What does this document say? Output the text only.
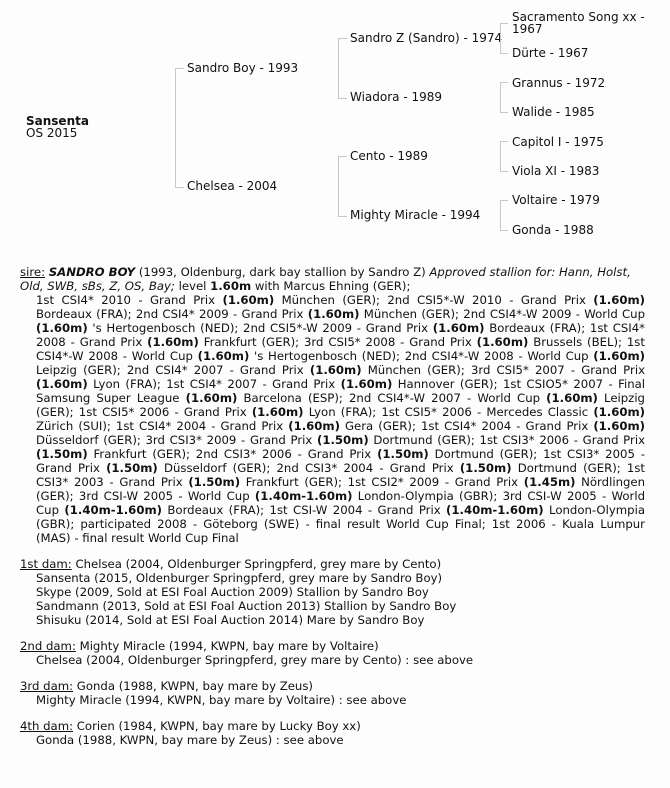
Sansenta
OS 2015
Sandro Boy - 1993
Chelsea - 2004
Sandro Z (Sandro) - 1974
Wiadora - 1989
Cento - 1989
Mighty Miracle - 1994
Sacramento Song xx -
1967
Dürte - 1967
Grannus - 1972
Walide - 1985
Capitol I - 1975
Viola XI - 1983
Voltaire - 1979
Gonda - 1988

sire: SANDRO BOY (1993, Oldenburg, dark bay stallion by Sandro Z) Approved stallion for: Hann, Holst, Old, SWB, sBs, Z, OS, Bay; level 1.60m with Marcus Ehning (GER);

1st CSI4* 2010 - Grand Prix (1.60m) München (GER); 2nd CSI5*-W 2010 - Grand Prix (1.60m) Bordeaux (FRA); 2nd CSI4* 2009 - Grand Prix (1.60m) München (GER); 2nd CSI4*-W 2009 - World Cup (1.60m) 's Hertogenbosch (NED); 2nd CSI5*-W 2009 - Grand Prix (1.60m) Bordeaux (FRA); 1st CSI4* 2008 - Grand Prix (1.60m) Frankfurt (GER); 3rd CSI5* 2008 - Grand Prix (1.60m) Brussels (BEL); 1st CSI4*-W 2008 - World Cup (1.60m) 's Hertogenbosch (NED); 2nd CSI4*-W 2008 - World Cup (1.60m) Leipzig (GER); 2nd CSI4* 2007 - Grand Prix (1.60m) München (GER); 3rd CSI5* 2007 - Grand Prix (1.60m) Lyon (FRA); 1st CSI4* 2007 - Grand Prix (1.60m) Hannover (GER); 1st CSIO5* 2007 - Final Samsung Super League (1.60m) Barcelona (ESP); 2nd CSI4*-W 2007 - World Cup (1.60m) Leipzig (GER); 1st CSI5* 2006 - Grand Prix (1.60m) Lyon (FRA); 1st CSI5* 2006 - Mercedes Classic (1.60m) Zürich (SUI); 1st CSI4* 2004 - Grand Prix (1.60m) Gera (GER); 1st CSI4* 2004 - Grand Prix (1.60m) Düsseldorf (GER); 3rd CSI3* 2009 - Grand Prix (1.50m) Dortmund (GER); 1st CSI3* 2006 - Grand Prix (1.50m) Frankfurt (GER); 2nd CSI3* 2006 - Grand Prix (1.50m) Dortmund (GER); 1st CSI3* 2005 - Grand Prix (1.50m) Düsseldorf (GER); 2nd CSI3* 2004 - Grand Prix (1.50m) Dortmund (GER); 1st CSI3* 2003 - Grand Prix (1.50m) Frankfurt (GER); 1st CSI2* 2009 - Grand Prix (1.45m) Nördlingen (GER); 3rd CSI-W 2005 - World Cup (1.40m-1.60m) London-Olympia (GBR); 3rd CSI-W 2005 - World Cup (1.40m-1.60m) Bordeaux (FRA); 1st CSI-W 2004 - Grand Prix (1.40m-1.60m) London-Olympia (GBR); participated 2008 - Göteborg (SWE) - final result World Cup Final; 1st 2006 - Kuala Lumpur (MAS) - final result World Cup Final

1st dam: Chelsea (2004, Oldenburger Springpferd, grey mare by Cento)

Sansenta (2015, Oldenburger Springpferd, grey mare by Sandro Boy)

Skype (2009, Sold at ESI Foal Auction 2009) Stallion by Sandro Boy

Sandmann (2013, Sold at ESI Foal Auction 2013) Stallion by Sandro Boy

Shisuku (2014, Sold at ESI Foal Auction 2014) Mare by Sandro Boy

2nd dam: Mighty Miracle (1994, KWPN, bay mare by Voltaire)

Chelsea (2004, Oldenburger Springpferd, grey mare by Cento) : see above

3rd dam: Gonda (1988, KWPN, bay mare by Zeus)

Mighty Miracle (1994, KWPN, bay mare by Voltaire) : see above

4th dam: Corien (1984, KWPN, bay mare by Lucky Boy xx)

Gonda (1988, KWPN, bay mare by Zeus) : see above
